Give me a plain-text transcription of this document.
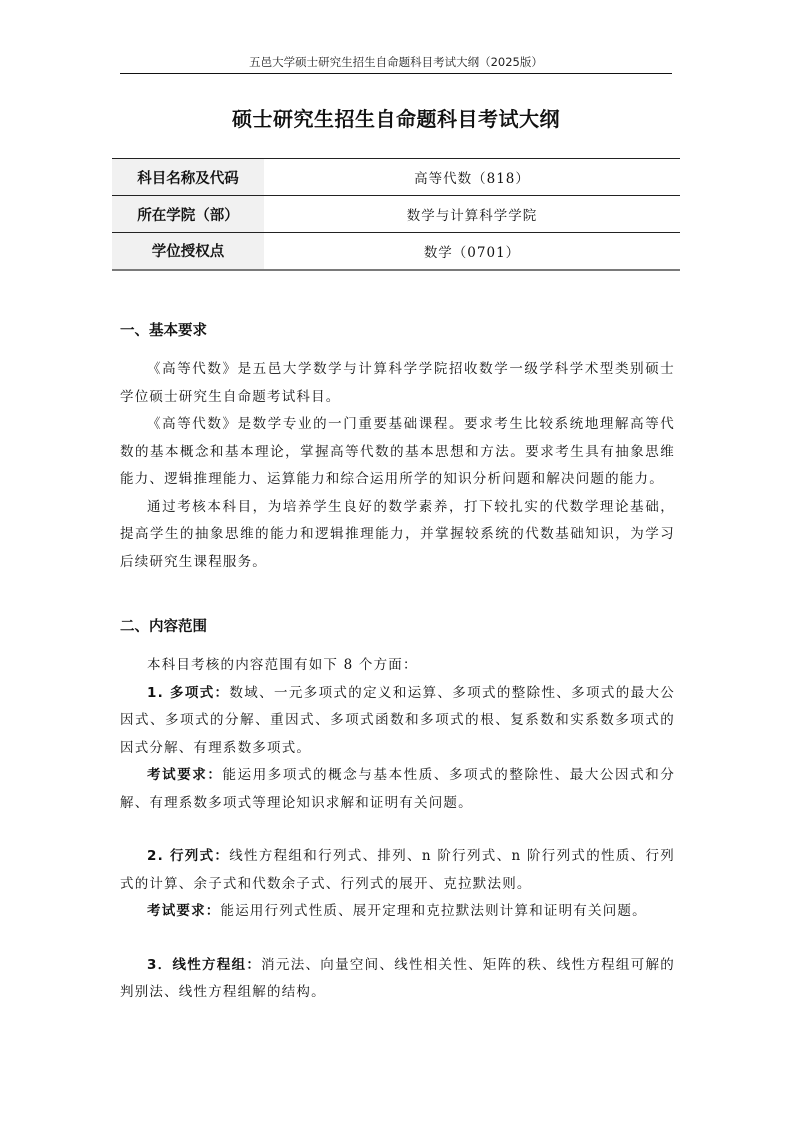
五邑大学硕士研究生招生自命题科目考试大纲（2025版）
硕士研究生招生自命题科目考试大纲
科目名称及代码	高等代数（818）
所在学院（部）	数学与计算科学学院
学位授权点	数学（0701）
一、基本要求

《高等代数》是五邑大学数学与计算科学学院招收数学一级学科学术型类别硕士学位硕士研究生自命题考试科目。

《高等代数》是数学专业的一门重要基础课程。要求考生比较系统地理解高等代数的基本概念和基本理论，掌握高等代数的基本思想和方法。要求考生具有抽象思维能力、逻辑推理能力、运算能力和综合运用所学的知识分析问题和解决问题的能力。

通过考核本科目，为培养学生良好的数学素养，打下较扎实的代数学理论基础，提高学生的抽象思维的能力和逻辑推理能力，并掌握较系统的代数基础知识，为学习后续研究生课程服务。

二、内容范围

本科目考核的内容范围有如下 8 个方面：

1. 多项式：数域、一元多项式的定义和运算、多项式的整除性、多项式的最大公因式、多项式的分解、重因式、多项式函数和多项式的根、复系数和实系数多项式的因式分解、有理系数多项式。

考试要求：能运用多项式的概念与基本性质、多项式的整除性、最大公因式和分解、有理系数多项式等理论知识求解和证明有关问题。

2. 行列式：线性方程组和行列式、排列、n 阶行列式、n 阶行列式的性质、行列式的计算、余子式和代数余子式、行列式的展开、克拉默法则。

考试要求：能运用行列式性质、展开定理和克拉默法则计算和证明有关问题。

3．线性方程组：消元法、向量空间、线性相关性、矩阵的秩、线性方程组可解的判别法、线性方程组解的结构。
